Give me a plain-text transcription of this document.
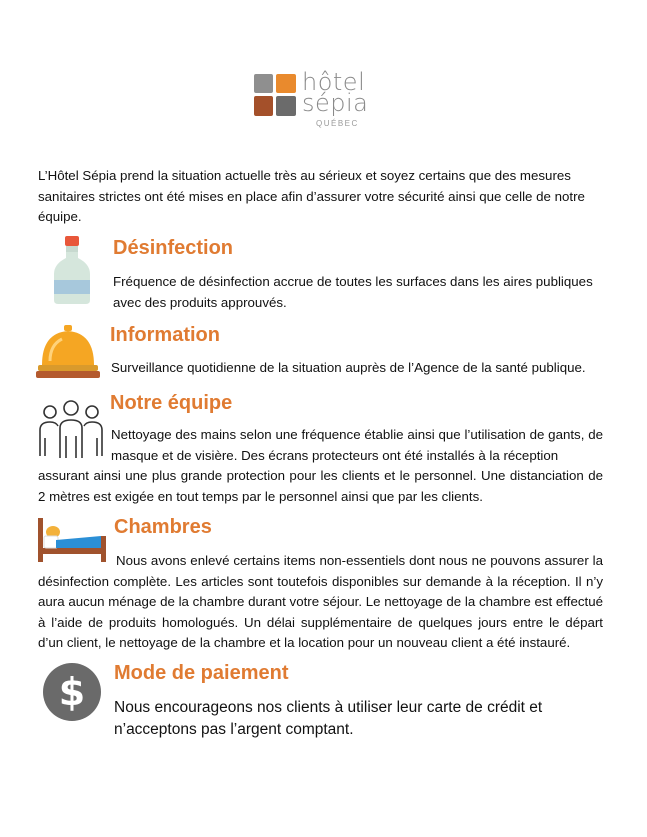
hôtel
sépia
QUÉBEC

L’Hôtel Sépia prend la situation actuelle très au sérieux et soyez certains que des mesures sanitaires strictes ont été mises en place afin d’assurer votre sécurité ainsi que celle de notre équipe.

Désinfection

Fréquence de désinfection accrue de toutes les surfaces dans les aires publiques avec des produits approuvés.

Information

Surveillance quotidienne de la situation auprès de l’Agence de la santé publique.

Notre équipe

Nettoyage des mains selon une fréquence établie ainsi que l’utilisation de gants, de masque et de visière. Des écrans protecteurs ont été installés à la réception

assurant ainsi une plus grande protection pour les clients et le personnel. Une distanciation de 2 mètres est exigée en tout temps par le personnel ainsi que par les clients.

Chambres

Nous avons enlevé certains items non-essentiels dont nous ne pouvons assurer la désinfection complète. Les articles sont toutefois disponibles sur demande à la réception. Il n’y aura aucun ménage de la chambre durant votre séjour. Le nettoyage de la chambre est effectué à l’aide de produits homologués. Un délai supplémentaire de quelques jours entre le départ d’un client, le nettoyage de la chambre et la location pour un nouveau client a été instauré.

$ Mode de paiement

Nous encourageons nos clients à utiliser leur carte de crédit et n’acceptons pas l’argent comptant.
